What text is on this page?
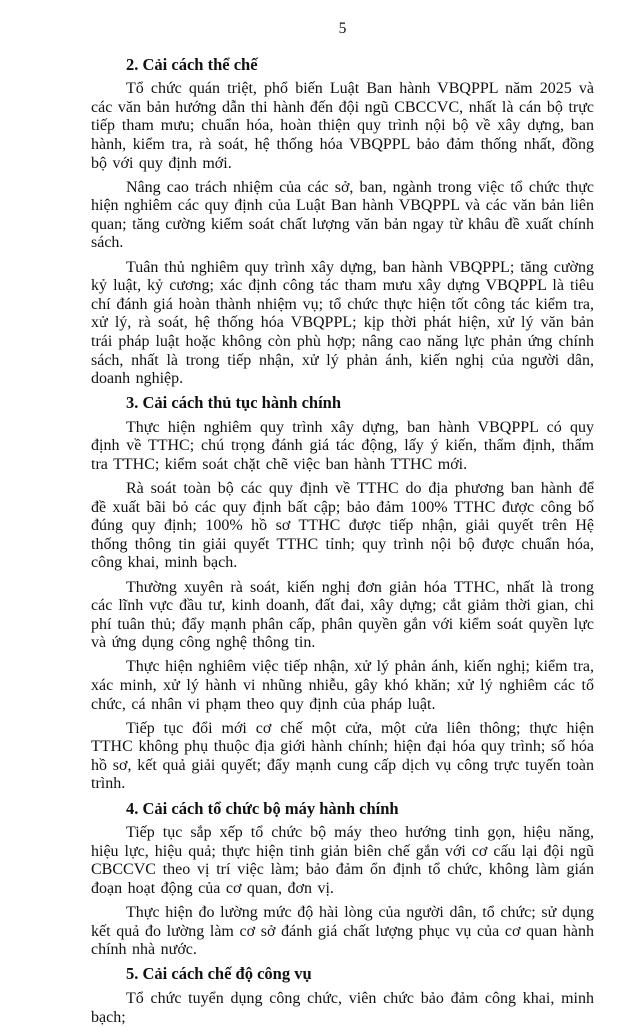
5
2. Cải cách thể chế

Tổ chức quán triệt, phổ biến Luật Ban hành VBQPPL năm 2025 và các văn bản hướng dẫn thi hành đến đội ngũ CBCCVC, nhất là cán bộ trực tiếp tham mưu; chuẩn hóa, hoàn thiện quy trình nội bộ về xây dựng, ban hành, kiểm tra, rà soát, hệ thống hóa VBQPPL bảo đảm thống nhất, đồng bộ với quy định mới.

Nâng cao trách nhiệm của các sở, ban, ngành trong việc tổ chức thực hiện nghiêm các quy định của Luật Ban hành VBQPPL và các văn bản liên quan; tăng cường kiểm soát chất lượng văn bản ngay từ khâu đề xuất chính sách.

Tuân thủ nghiêm quy trình xây dựng, ban hành VBQPPL; tăng cường kỷ luật, kỷ cương; xác định công tác tham mưu xây dựng VBQPPL là tiêu chí đánh giá hoàn thành nhiệm vụ; tổ chức thực hiện tốt công tác kiểm tra, xử lý, rà soát, hệ thống hóa VBQPPL; kịp thời phát hiện, xử lý văn bản trái pháp luật hoặc không còn phù hợp; nâng cao năng lực phản ứng chính sách, nhất là trong tiếp nhận, xử lý phản ánh, kiến nghị của người dân, doanh nghiệp.

3. Cải cách thủ tục hành chính

Thực hiện nghiêm quy trình xây dựng, ban hành VBQPPL có quy định về TTHC; chú trọng đánh giá tác động, lấy ý kiến, thẩm định, thẩm tra TTHC; kiểm soát chặt chẽ việc ban hành TTHC mới.

Rà soát toàn bộ các quy định về TTHC do địa phương ban hành để đề xuất bãi bỏ các quy định bất cập; bảo đảm 100% TTHC được công bố đúng quy định; 100% hồ sơ TTHC được tiếp nhận, giải quyết trên Hệ thống thông tin giải quyết TTHC tỉnh; quy trình nội bộ được chuẩn hóa, công khai, minh bạch.

Thường xuyên rà soát, kiến nghị đơn giản hóa TTHC, nhất là trong các lĩnh vực đầu tư, kinh doanh, đất đai, xây dựng; cắt giảm thời gian, chi phí tuân thủ; đẩy mạnh phân cấp, phân quyền gắn với kiểm soát quyền lực và ứng dụng công nghệ thông tin.

Thực hiện nghiêm việc tiếp nhận, xử lý phản ánh, kiến nghị; kiểm tra, xác minh, xử lý hành vi nhũng nhiễu, gây khó khăn; xử lý nghiêm các tổ chức, cá nhân vi phạm theo quy định của pháp luật.

Tiếp tục đổi mới cơ chế một cửa, một cửa liên thông; thực hiện TTHC không phụ thuộc địa giới hành chính; hiện đại hóa quy trình; số hóa hồ sơ, kết quả giải quyết; đẩy mạnh cung cấp dịch vụ công trực tuyến toàn trình.

4. Cải cách tổ chức bộ máy hành chính

Tiếp tục sắp xếp tổ chức bộ máy theo hướng tinh gọn, hiệu năng, hiệu lực, hiệu quả; thực hiện tinh giản biên chế gắn với cơ cấu lại đội ngũ CBCCVC theo vị trí việc làm; bảo đảm ổn định tổ chức, không làm gián đoạn hoạt động của cơ quan, đơn vị.

Thực hiện đo lường mức độ hài lòng của người dân, tổ chức; sử dụng kết quả đo lường làm cơ sở đánh giá chất lượng phục vụ của cơ quan hành chính nhà nước.

5. Cải cách chế độ công vụ

Tổ chức tuyển dụng công chức, viên chức bảo đảm công khai, minh bạch;
